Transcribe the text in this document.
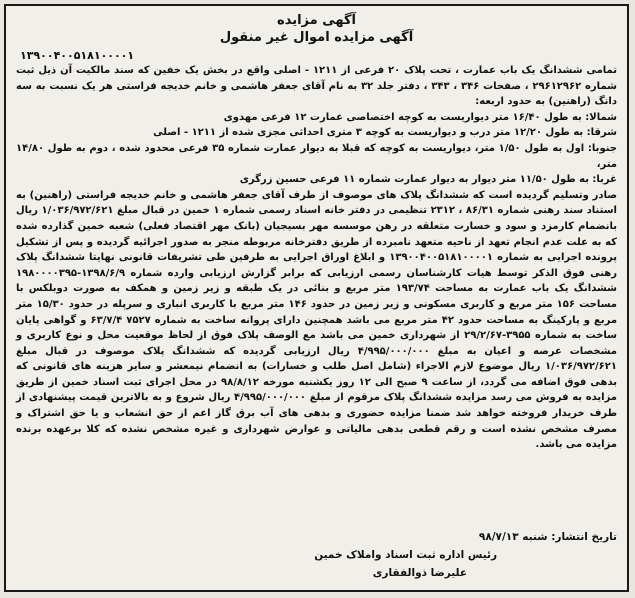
آگهی مزایده
آگهی مزایده اموال غیر منقول
۱۳۹۰۰۴۰۰۵۱۸۱۰۰۰۰۱

تمامی ششدانگ یک باب عمارت ، تحت پلاک ۲۰ فرعی از ۱۲۱۱ - اصلی واقع در بخش یک خفین که سند مالکیت آن ذیل ثبت شماره ۲۹۶۱۲۹۶۲ ، صفحات ۳۴۶ ، ۳۴۳ ، دفتر جلد ۳۲ به نام آقای جعفر هاشمی و خانم خدیجه فراستی هر یک نسبت به سه دانگ (راهنین) به حدود اربعه:

شمالا: به طول ۱۶/۴۰ متر دیواریست به کوچه اختصاصی عمارت ۱۲ فرعی مهدوی

شرقا: به طول ۱۲/۲۰ متر درب و دیواریست به کوچه ۳ متری احداثی مجزی شده از ۱۲۱۱ - اصلی

جنوبا: اول به طول ۱/۵۰ متر، دیواریست به کوچه که قبلا به دیوار عمارت شماره ۳۵ فرعی محدود شده ، دوم به طول ۱۴/۸۰ متر،

غربا: به طول ۱۱/۵۰ متر دیوار به دیوار عمارت شماره ۱۱ فرعی حسین زرگری

صادر وتسلیم گردیده است که ششدانگ پلاک های موصوف از طرف آقای جعفر هاشمی و خانم خدیجه فراستی (راهنین) به استناد سند رهنی شماره ۸۶/۳۱ ، ۲۳۱۲ تنظیمی در دفتر خانه اسناد رسمی شماره ۱ خمین در قبال مبلغ ۱/۰۳۶/۹۷۲/۶۲۱ ریال بانضمام کارمزد و سود و خسارت متعلقه در رهن موسسه مهر بسیجیان (بانک مهر اقتصاد فعلی) شعبه خمین گذارده شده که به علت عدم انجام تعهد از ناحیه متعهد نامبرده از طریق دفترخانه مربوطه منجر به صدور اجرائیه گردیده و پس از تشکیل پرونده اجرایی به شماره ۱۳۹۰۰۴۰۰۵۱۸۱۰۰۰۰۱ و ابلاغ اوراق اجرایی به طرفین طی تشریفات قانونی نهایتا ششدانگ پلاک رهنی فوق الذکر توسط هیات کارشناسان رسمی ارزیابی که برابر گزارش ارزیابی وارده شماره ۱۳۹۸/۶/۹-۱۹۸۰۰۰۰۳۹۵ ششدانگ یک باب عمارت به مساحت ۱۹۳/۷۴ متر مربع و بنائی در یک طبقه و زیر زمین و همکف به صورت دوبلکس با مساحت ۱۵۶ متر مربع و کاربری مسکونی و زیر زمین در حدود ۱۴۶ متر مربع با کاربری انباری و سرپله در حدود ۱۵/۳۰ متر مربع و پارکینگ به مساحت حدود ۴۲ متر مربع می باشد همچنین دارای پروانه ساخت به شماره ۷۵۲۷ ۶۳/۷/۴ و گواهی پایان ساخت به شماره ۳۹۵۵-۲۹/۲/۶۷ از شهرداری خمین می باشد مع الوصف پلاک فوق از لحاظ موقعیت محل و نوع کاربری و مشخصات عرصه و اعیان به مبلغ ۴/۹۹۵/۰۰۰/۰۰۰ ریال ارزیابی گردیده که ششدانگ پلاک موصوف در قبال مبلغ ۱/۰۳۶/۹۷۲/۶۲۱ ریال موضوع لازم الاجراء (شامل اصل طلب و خسارات) به انضمام نیمعشر و سایر هزینه های قانونی که بدهی فوق اضافه می گردد، از ساعت ۹ صبح الی ۱۲ روز یکشنبه مورخه ۹۸/۸/۱۲ در محل اجرای ثبت اسناد خمین از طریق مزایده به فروش می رسد مزایده ششدانگ پلاک مرقوم از مبلغ ۴/۹۹۵/۰۰۰/۰۰۰ ریال شروع و به بالاترین قیمت پیشنهادی از طرف خریدار فروخته خواهد شد ضمنا مزایده حضوری و بدهی های آب برق گاز اعم از حق انشعاب و یا حق اشتراک و مصرف مشخص نشده است و رقم قطعی بدهی مالیاتی و عوارض شهرداری و غیره مشخص نشده که کلا برعهده برنده مزایده می باشد.

تاریخ انتشار: شنبه ۹۸/۷/۱۳
رئیس اداره ثبت اسناد واملاک خمین
علیرضا ذوالفقاری
